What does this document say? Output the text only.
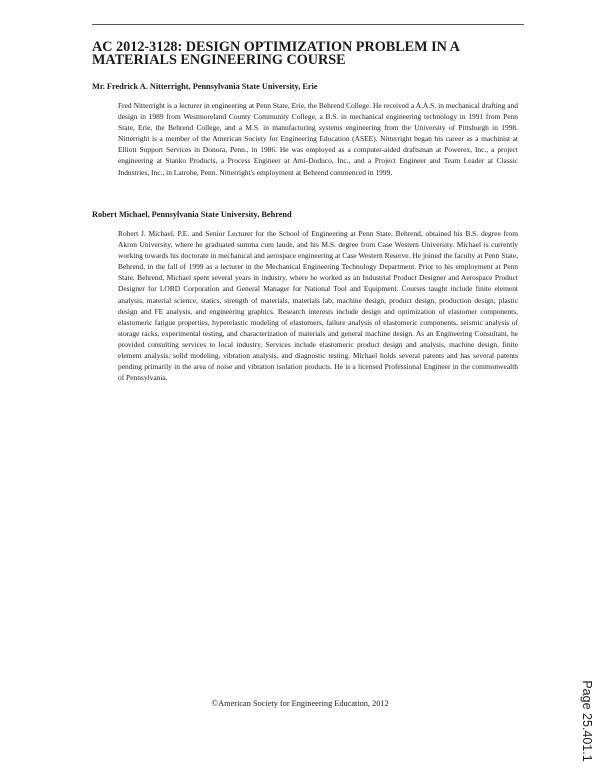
AC 2012-3128: DESIGN OPTIMIZATION PROBLEM IN A MATERIALS ENGINEERING COURSE

Mr. Fredrick A. Nitterright, Pennsylvania State University, Erie

Fred Nitterright is a lecturer in engineering at Penn State, Erie, the Behrend College. He received a A.A.S. in mechanical drafting and design in 1989 from Westmoreland County Community College, a B.S. in mechanical engineering technology in 1991 from Penn State, Erie, the Behrend College, and a M.S. in manufacturing systems engineering from the University of Pittsburgh in 1998. Nitterright is a member of the American Society for Engineering Education (ASEE). Nitterright began his career as a machinist at Elliott Support Services in Donora, Penn., in 1986. He was employed as a computer-aided draftsman at Powerex, Inc., a project engineering at Stanko Products, a Process Engineer at Ami-Doduco, Inc., and a Project Engineer and Team Leader at Classic Industries, Inc., in Latrobe, Penn. Nitterright's employment at Behrend commenced in 1999.

Robert Michael, Pennsylvania State University, Behrend

Robert J. Michael, P.E. and Senior Lecturer for the School of Engineering at Penn State, Behrend, obtained his B.S. degree from Akron University, where he graduated summa cum laude, and his M.S. degree from Case Western University. Michael is currently working towards his doctorate in mechanical and aerospace engineering at Case Western Reserve. He joined the faculty at Penn State, Behrend, in the fall of 1999 as a lecturer in the Mechanical Engineering Technology Department. Prior to his employment at Penn State, Behrend, Michael spent several years in industry, where he worked as an Industrial Product Designer and Aerospace Product Designer for LORD Corporation and General Manager for National Tool and Equipment. Courses taught include finite element analysis, material science, statics, strength of materials, materials lab, machine design, product design, production design, plastic design and FE analysis, and engineering graphics. Research interests include design and optimization of elastomer components, elastomeric fatigue properties, hyperelastic modeling of elastomers, failure analysis of elastomeric components, seismic analysis of storage racks, experimental testing, and characterization of materials and general machine design. As an Engineering Consultant, he provided consulting services to local industry. Services include elastomeric product design and analysis, machine design, finite element analysis, solid modeling, vibration analysis, and diagnostic testing. Michael holds several patents and has several patents pending primarily in the area of noise and vibration isolation products. He is a licensed Professional Engineer in the commonwealth of Pennsylvania.

©American Society for Engineering Education, 2012	Page 25.401.1
